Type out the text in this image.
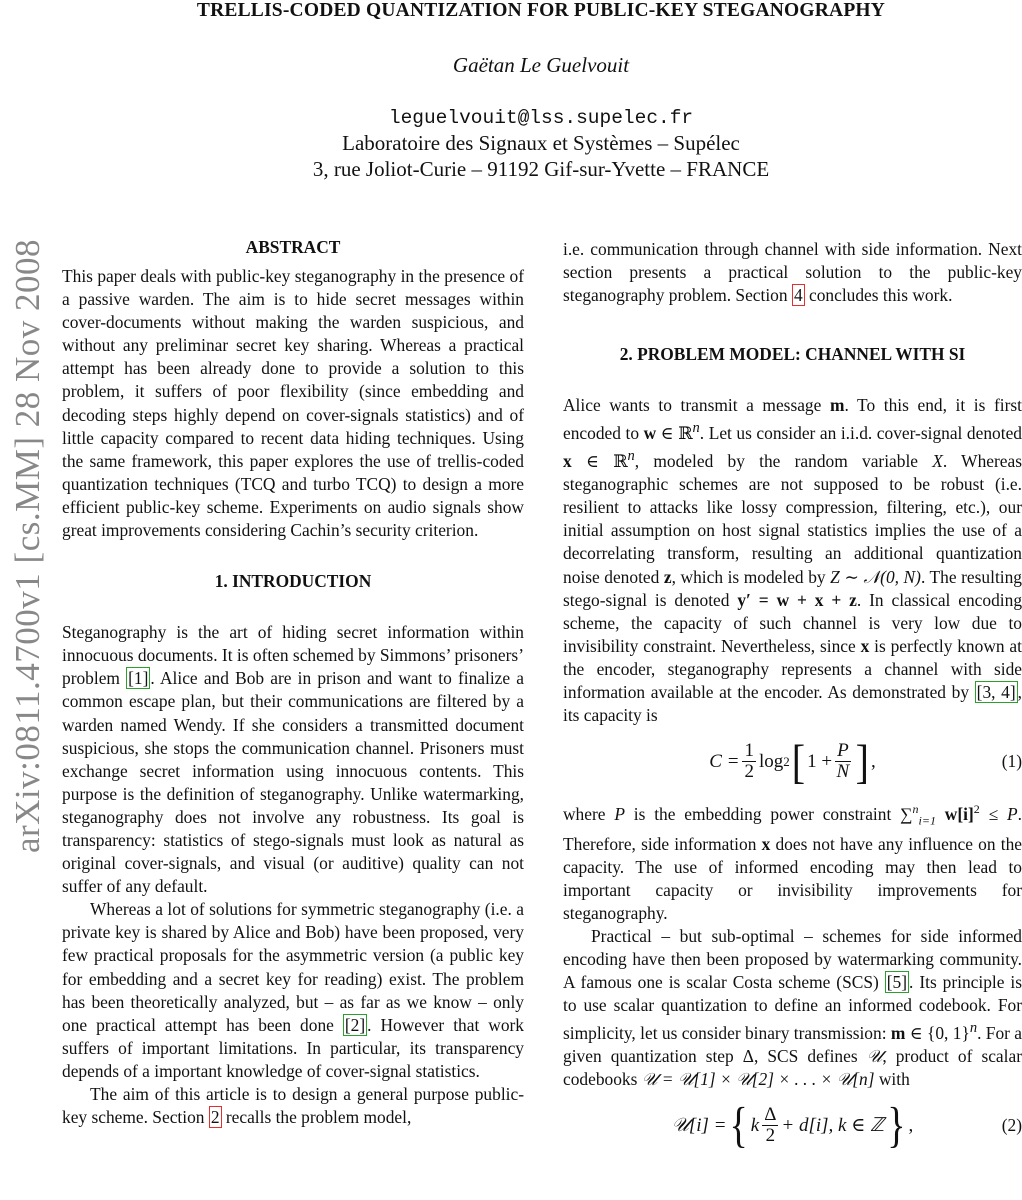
arXiv:0811.4700v1 [cs.MM] 28 Nov 2008
TRELLIS-CODED QUANTIZATION FOR PUBLIC-KEY STEGANOGRAPHY
Gaëtan Le Guelvouit
leguelvouit@lss.supelec.fr
Laboratoire des Signaux et Systèmes – Supélec
3, rue Joliot-Curie – 91192 Gif-sur-Yvette – FRANCE
ABSTRACT

This paper deals with public-key steganography in the presence of a passive warden. The aim is to hide secret messages within cover-documents without making the warden suspicious, and without any preliminar secret key sharing. Whereas a practical attempt has been already done to provide a solution to this problem, it suffers of poor flexibility (since embedding and decoding steps highly depend on cover-signals statistics) and of little capacity compared to recent data hiding techniques. Using the same framework, this paper explores the use of trellis-coded quantization techniques (TCQ and turbo TCQ) to design a more efficient public-key scheme. Experiments on audio signals show great improvements considering Cachin’s security criterion.

1. INTRODUCTION

Steganography is the art of hiding secret information within innocuous documents. It is often schemed by Simmons’ prisoners’ problem [1] . Alice and Bob are in prison and want to finalize a common escape plan, but their communications are filtered by a warden named Wendy. If she considers a transmitted document suspicious, she stops the communication channel. Prisoners must exchange secret information using innocuous contents. This purpose is the definition of steganography. Unlike watermarking, steganography does not involve any robustness. Its goal is transparency: statistics of stego-signals must look as natural as original cover-signals, and visual (or auditive) quality can not suffer of any default.

Whereas a lot of solutions for symmetric steganography (i.e. a private key is shared by Alice and Bob) have been proposed, very few practical proposals for the asymmetric version (a public key for embedding and a secret key for reading) exist. The problem has been theoretically analyzed, but – as far as we know – only one practical attempt has been done [2] . However that work suffers of important limitations. In particular, its transparency depends of a important knowledge of cover-signal statistics.

The aim of this article is to design a general purpose public-key scheme. Section 2 recalls the problem model,

i.e. communication through channel with side information. Next section presents a practical solution to the public-key steganography problem. Section 4 concludes this work.

2. PROBLEM MODEL: CHANNEL WITH SI

Alice wants to transmit a message m. To this end, it is first encoded to w ∈ ℝ$^n$. Let us consider an i.i.d. cover-signal denoted x ∈ ℝ$^n$, modeled by the random variable X. Whereas steganographic schemes are not supposed to be robust (i.e. resilient to attacks like lossy compression, filtering, etc.), our initial assumption on host signal statistics implies the use of a decorrelating transform, resulting an additional quantization noise denoted z, which is modeled by Z ∼ 𝒩(0, N). The resulting stego-signal is denoted y′ = w + x + z. In classical encoding scheme, the capacity of such channel is very low due to invisibility constraint. Nevertheless, since x is perfectly known at the encoder, steganography represents a channel with side information available at the encoder. As demonstrated by [3, 4] , its capacity is

$C = \frac{1}{2}$ log 2 [ $1 + \frac{P}{N}$ ] ,	(1)

where P is the embedding power constraint ∑$^n_{i=1}$ $w[i]^2 \le P$. Therefore, side information x does not have any influence on the capacity. The use of informed encoding may then lead to important capacity or invisibility improvements for steganography.

Practical – but sub-optimal – schemes for side informed encoding have then been proposed by watermarking community. A famous one is scalar Costa scheme (SCS) [5] . Its principle is to use scalar quantization to define an informed codebook. For simplicity, let us consider binary transmission: m ∈ {0, 1}$^n$. For a given quantization step Δ, SCS defines 𝒰, product of scalar codebooks 𝒰 = 𝒰[1] × 𝒰[2] × . . . × 𝒰[n] with

𝒰[i] = { k $\frac{\Delta}{2} + d[i]$, k ∈ ℤ } ,	(2)
